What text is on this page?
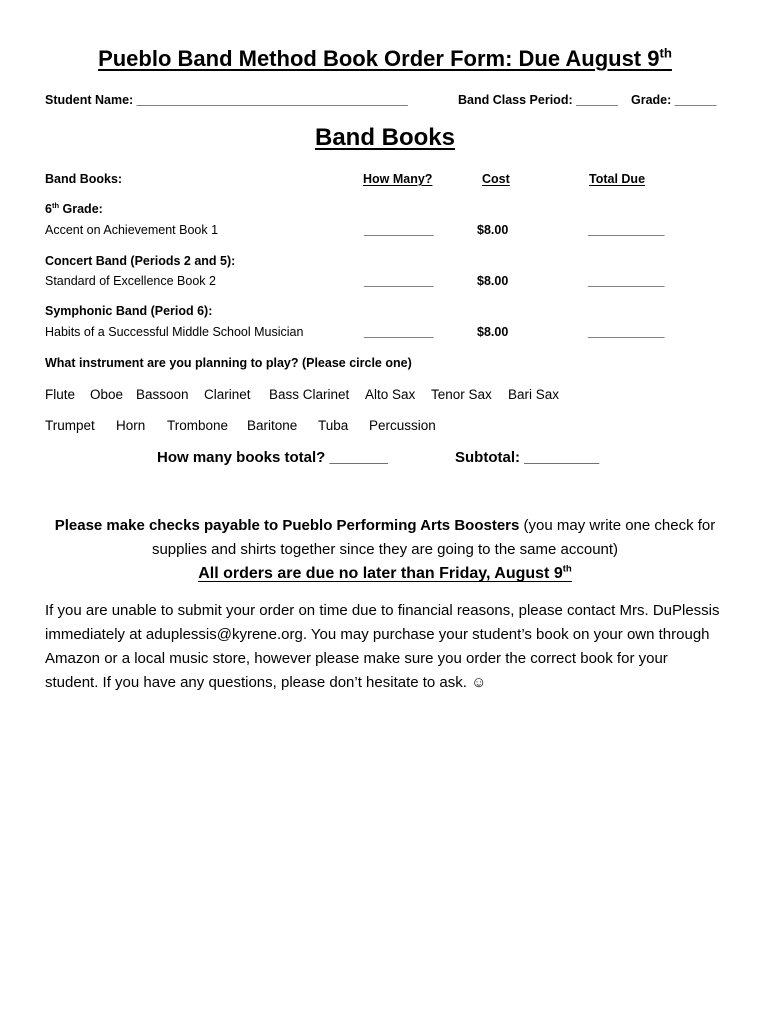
Pueblo Band Method Book Order Form: Due August 9th
Student Name: _______________________________________	Band Class Period: ______ Grade: ______
Band Books
Band Books:	How Many?	Cost	Total Due
6th Grade:
Accent on Achievement Book 1	__________	$8.00	___________
Concert Band (Periods 2 and 5):
Standard of Excellence Book 2	__________	$8.00	___________
Symphonic Band (Period 6):
Habits of a Successful Middle School Musician	__________	$8.00	___________
What instrument are you planning to play? (Please circle one)
Flute Oboe Bassoon Clarinet Bass Clarinet Alto Sax Tenor Sax Bari Sax
Trumpet Horn Trombone Baritone Tuba Percussion
How many books total? _______	Subtotal: _________
Please make checks payable to Pueblo Performing Arts Boosters (you may write one check for supplies and shirts together since they are going to the same account)
All orders are due no later than Friday, August 9th
If you are unable to submit your order on time due to financial reasons, please contact Mrs. DuPlessis immediately at aduplessis@kyrene.org. You may purchase your student’s book on your own through Amazon or a local music store, however please make sure you order the correct book for your student. If you have any questions, please don’t hesitate to ask. ☺
